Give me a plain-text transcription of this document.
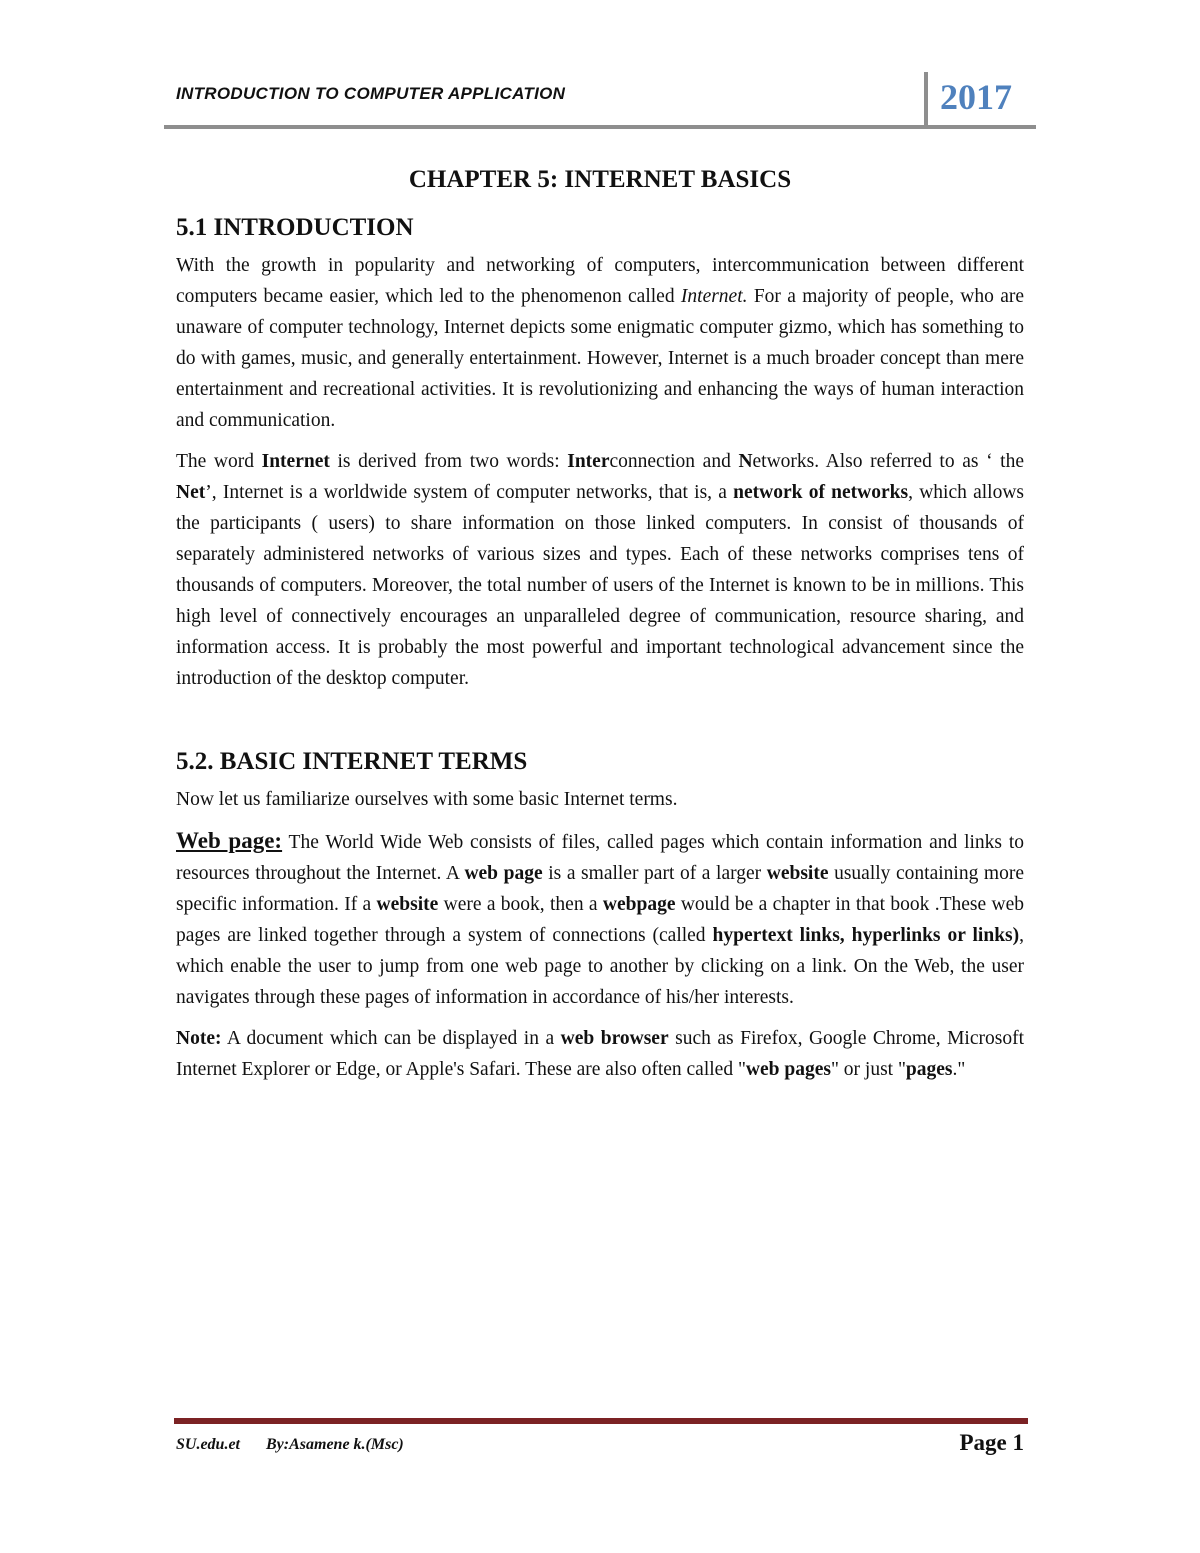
INTRODUCTION TO COMPUTER APPLICATION	2017
CHAPTER 5: INTERNET BASICS
5.1 INTRODUCTION

With the growth in popularity and networking of computers, intercommunication between different computers became easier, which led to the phenomenon called Internet. For a majority of people, who are unaware of computer technology, Internet depicts some enigmatic computer gizmo, which has something to do with games, music, and generally entertainment. However, Internet is a much broader concept than mere entertainment and recreational activities. It is revolutionizing and enhancing the ways of human interaction and communication.

The word Internet is derived from two words: Interconnection and Networks. Also referred to as ‘ the Net’, Internet is a worldwide system of computer networks, that is, a network of networks, which allows the participants ( users) to share information on those linked computers. In consist of thousands of separately administered networks of various sizes and types. Each of these networks comprises tens of thousands of computers. Moreover, the total number of users of the Internet is known to be in millions. This high level of connectively encourages an unparalleled degree of communication, resource sharing, and information access. It is probably the most powerful and important technological advancement since the introduction of the desktop computer.

5.2. BASIC INTERNET TERMS

Now let us familiarize ourselves with some basic Internet terms.

Web page: The World Wide Web consists of files, called pages which contain information and links to resources throughout the Internet. A web page is a smaller part of a larger website usually containing more specific information. If a website were a book, then a webpage would be a chapter in that book .These web pages are linked together through a system of connections (called hypertext links, hyperlinks or links), which enable the user to jump from one web page to another by clicking on a link. On the Web, the user navigates through these pages of information in accordance of his/her interests.

Note: A document which can be displayed in a web browser such as Firefox, Google Chrome, Microsoft Internet Explorer or Edge, or Apple's Safari. These are also often called "web pages" or just "pages."

SU.edu.et By:Asamene k.(Msc)	Page 1
